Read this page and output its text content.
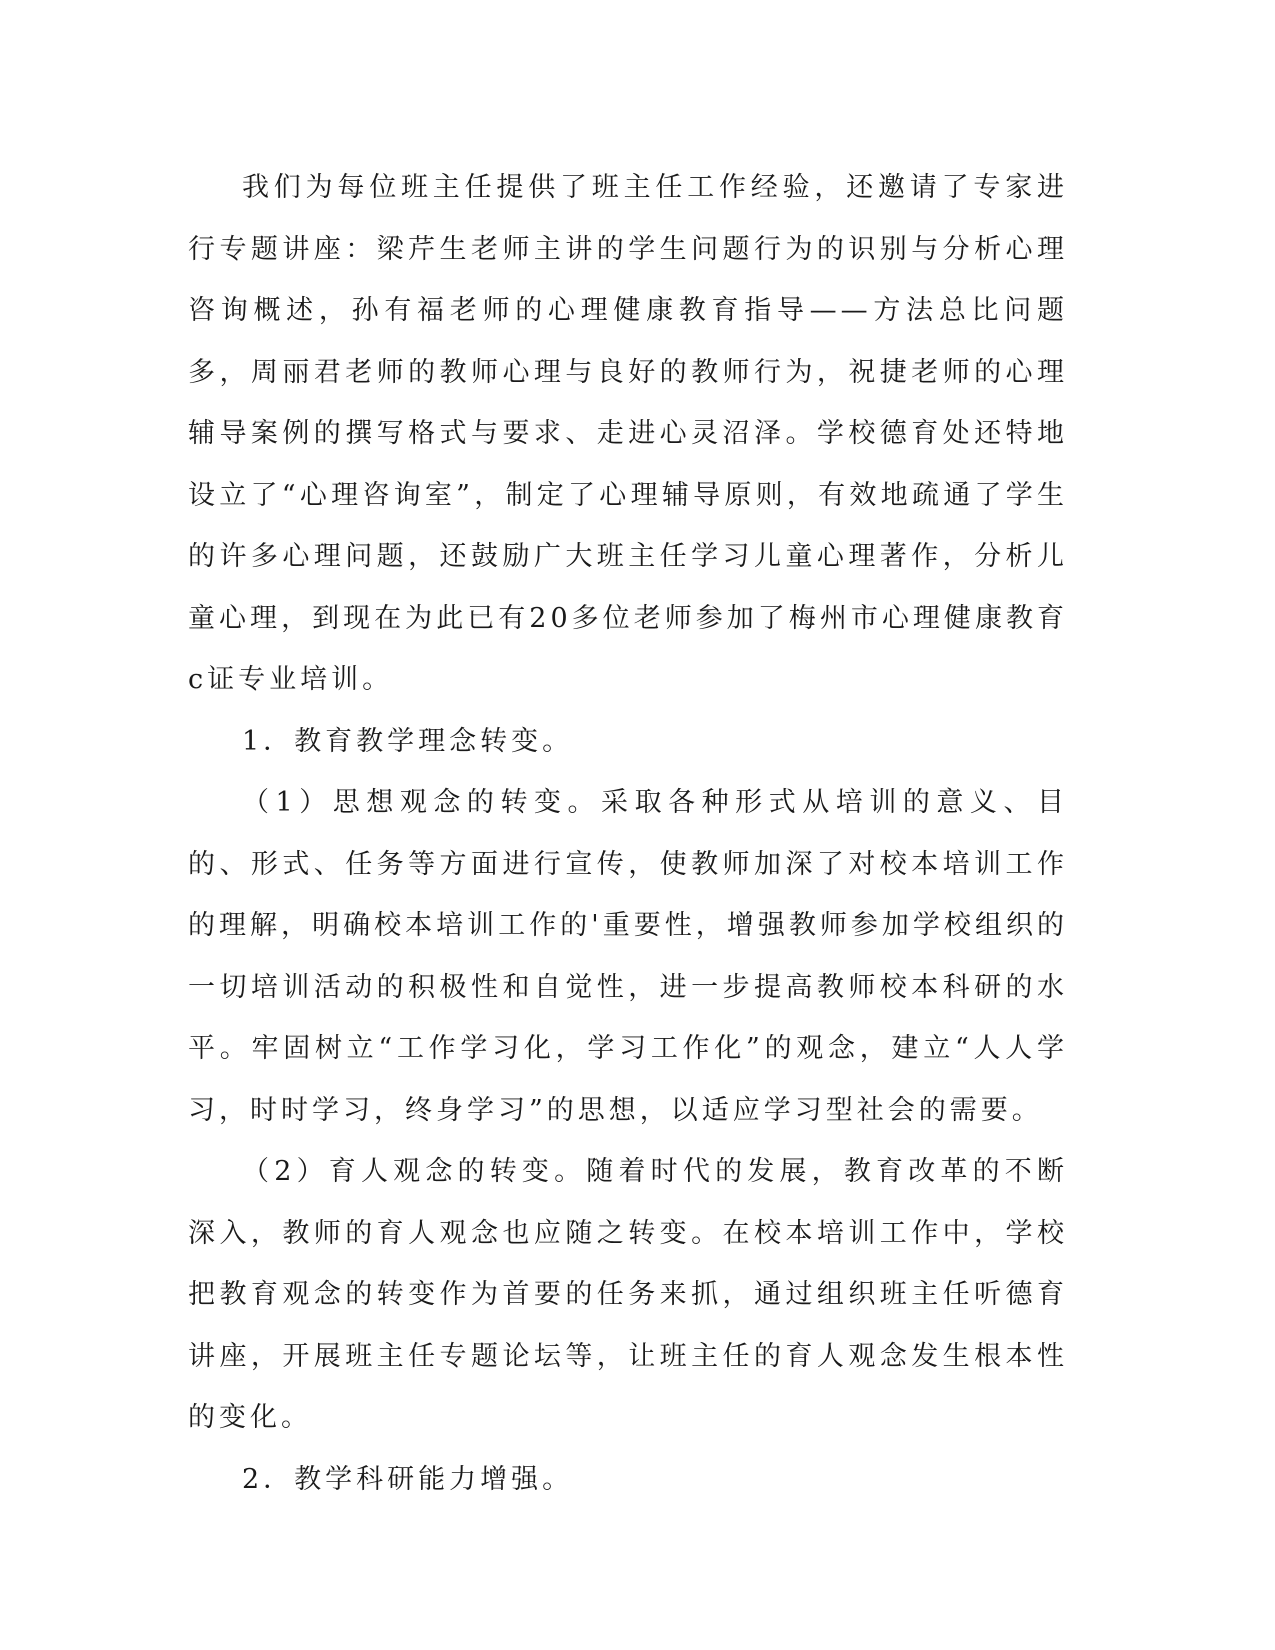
我们为每位班主任提供了班主任工作经验，还邀请了专家进行专题讲座：梁芹生老师主讲的学生问题行为的识别与分析心理咨询概述，孙有福老师的心理健康教育指导——方法总比问题多，周丽君老师的教师心理与良好的教师行为，祝捷老师的心理辅导案例的撰写格式与要求、走进心灵沼泽。学校德育处还特地设立了“心理咨询室”，制定了心理辅导原则，有效地疏通了学生的许多心理问题，还鼓励广大班主任学习儿童心理著作，分析儿童心理，到现在为此已有20多位老师参加了梅州市心理健康教育c证专业培训。

1．教育教学理念转变。

（1）思想观念的转变。采取各种形式从培训的意义、目的、形式、任务等方面进行宣传，使教师加深了对校本培训工作的理解，明确校本培训工作的'重要性，增强教师参加学校组织的一切培训活动的积极性和自觉性，进一步提高教师校本科研的水平。牢固树立“工作学习化，学习工作化”的观念，建立“人人学习，时时学习，终身学习”的思想，以适应学习型社会的需要。

（2）育人观念的转变。随着时代的发展，教育改革的不断深入，教师的育人观念也应随之转变。在校本培训工作中，学校把教育观念的转变作为首要的任务来抓，通过组织班主任听德育讲座，开展班主任专题论坛等，让班主任的育人观念发生根本性的变化。

2．教学科研能力增强。
